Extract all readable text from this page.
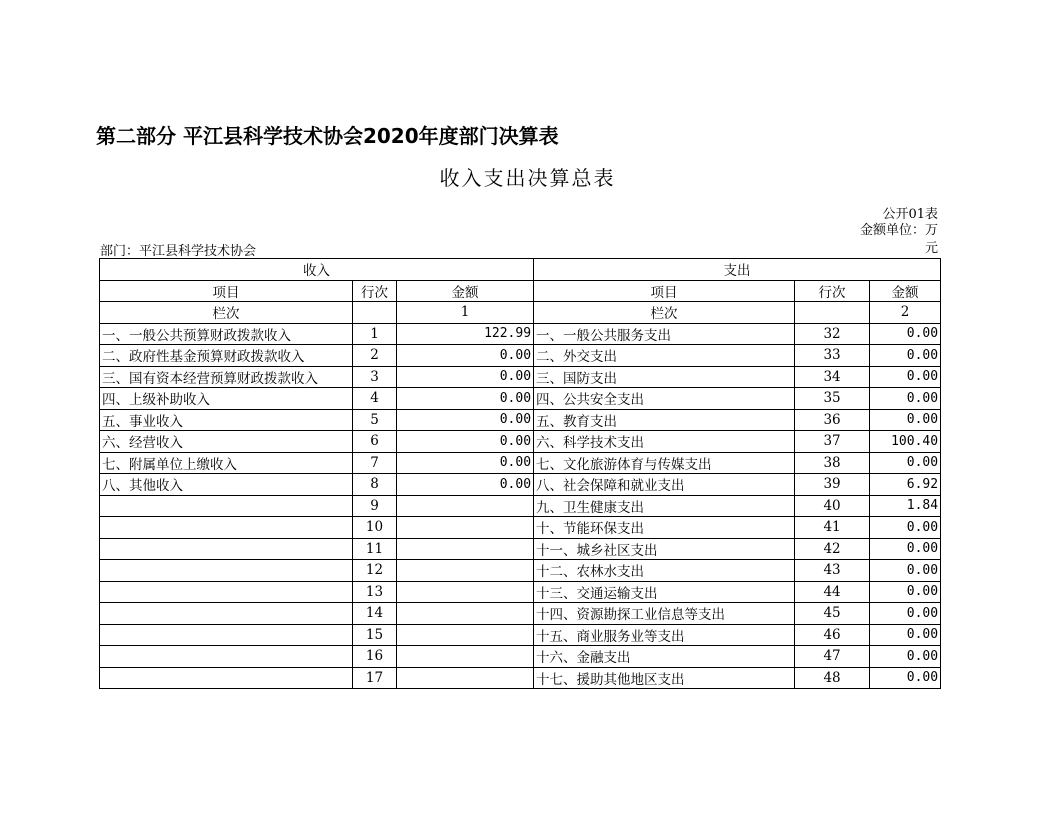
第二部分 平江县科学技术协会2020年度部门决算表
收入支出决算总表
公开01表
金额单位：万元
部门：平江县科学技术协会
收入			支出		
项目	行次	金额	项目	行次	金额
栏次		1	栏次		2
一、一般公共预算财政拨款收入	1	122.99	一、一般公共服务支出	32	0.00
二、政府性基金预算财政拨款收入	2	0.00	二、外交支出	33	0.00
三、国有资本经营预算财政拨款收入	3	0.00	三、国防支出	34	0.00
四、上级补助收入	4	0.00	四、公共安全支出	35	0.00
五、事业收入	5	0.00	五、教育支出	36	0.00
六、经营收入	6	0.00	六、科学技术支出	37	100.40
七、附属单位上缴收入	7	0.00	七、文化旅游体育与传媒支出	38	0.00
八、其他收入	8	0.00	八、社会保障和就业支出	39	6.92
	9		九、卫生健康支出	40	1.84
	10		十、节能环保支出	41	0.00
	11		十一、城乡社区支出	42	0.00
	12		十二、农林水支出	43	0.00
	13		十三、交通运输支出	44	0.00
	14		十四、资源勘探工业信息等支出	45	0.00
	15		十五、商业服务业等支出	46	0.00
	16		十六、金融支出	47	0.00
	17		十七、援助其他地区支出	48	0.00
